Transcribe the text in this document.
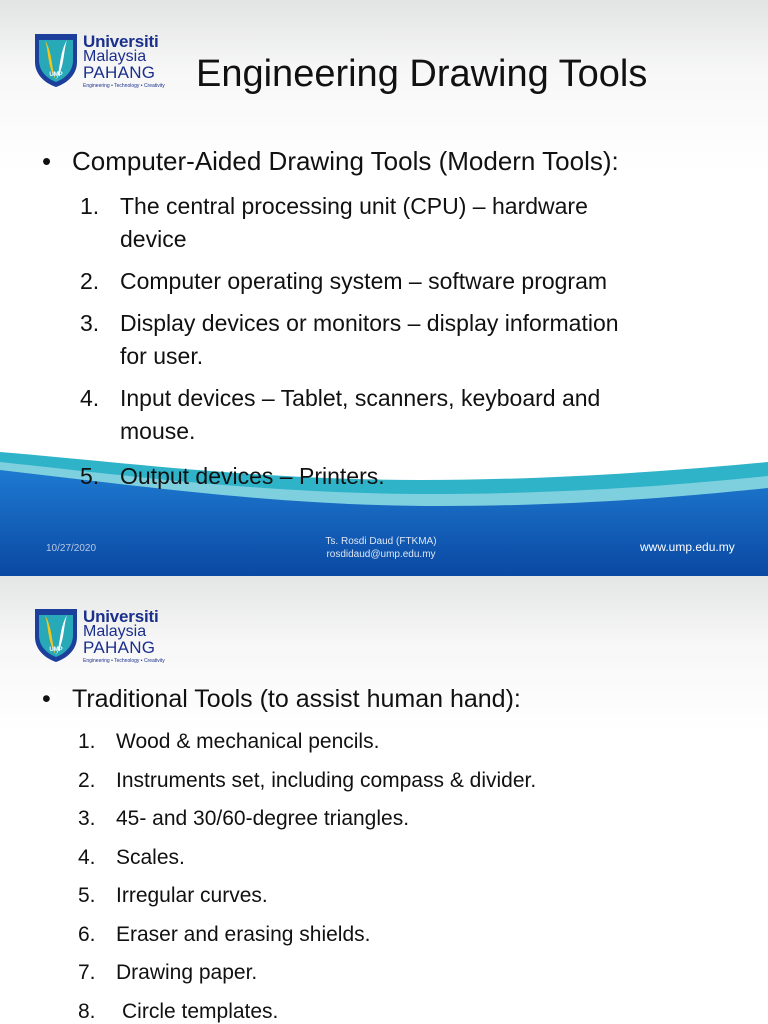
UMP
Universiti
Malaysia
PAHANG
Engineering • Technology • Creativity Engineering Drawing Tools
• Computer-Aided Drawing Tools (Modern Tools):
1. The central processing unit (CPU) – hardware
device
2. Computer operating system – software program
3. Display devices or monitors – display information
for user.
4. Input devices – Tablet, scanners, keyboard and
mouse.
5. Output devices – Printers.
10/27/2020
Ts. Rosdi Daud (FTKMA)
rosdidaud@ump.edu.my
www.ump.edu.my
UMP
Universiti
Malaysia
PAHANG
Engineering • Technology • Creativity
• Traditional Tools (to assist human hand):
1. Wood & mechanical pencils.
2. Instruments set, including compass & divider.
3. 45- and 30/60-degree triangles.
4. Scales.
5. Irregular curves.
6. Eraser and erasing shields.
7. Drawing paper.
8. Circle templates.
